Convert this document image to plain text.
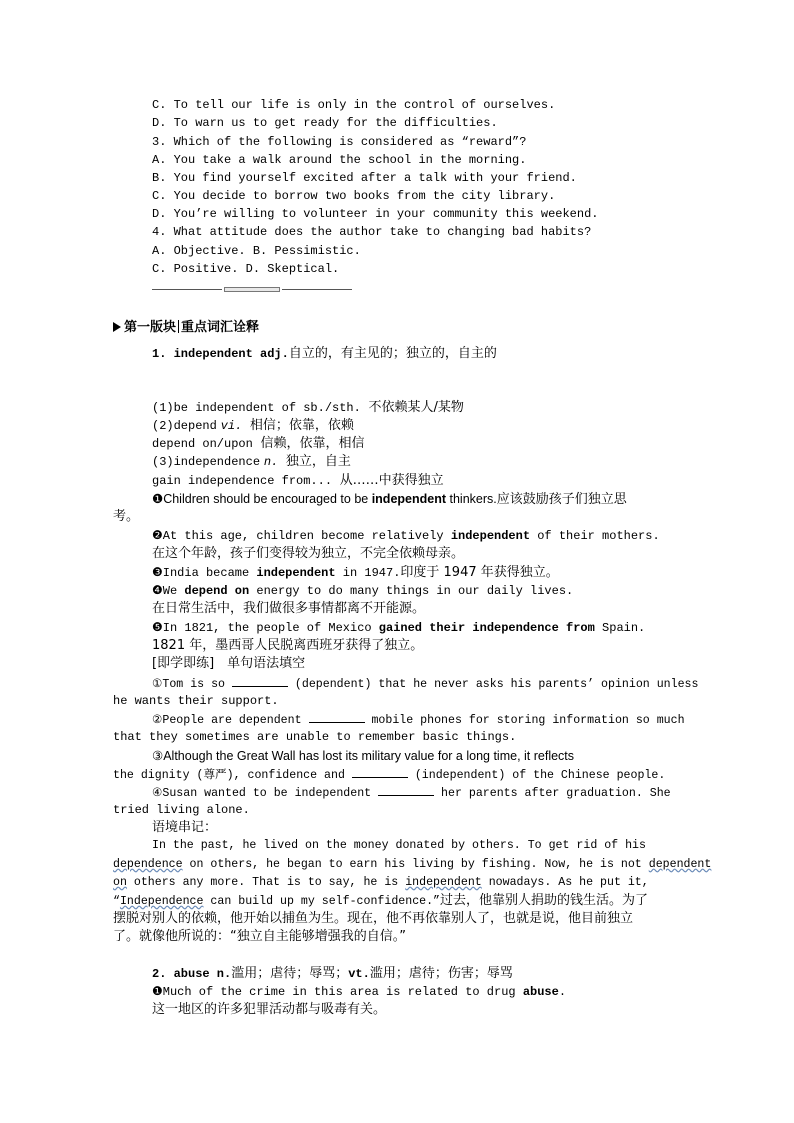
C. To tell our life is only in the control of ourselves.
D. To warn us to get ready for the difficulties.
3. Which of the following is considered as “reward”?
A. You take a walk around the school in the morning.
B. You find yourself excited after a talk with your friend.
C. You decide to borrow two books from the city library.
D. You’re willing to volunteer in your community this weekend.
4. What attitude does the author take to changing bad habits?
A. Objective. B. Pessimistic.
C. Positive. D. Skeptical.
第一版块 重点词汇诠释
1. independent adj.自立的，有主见的；独立的，自主的
(1)be independent of sb./sth. 不依赖某人/某物
(2)depend vi. 相信；依靠，依赖
depend on/upon 信赖，依靠，相信
(3)independence n. 独立，自主
gain independence from... 从……中获得独立
❶Children should be encouraged to be independent thinkers.应该鼓励孩子们独立思
考。
❷At this age, children become relatively independent of their mothers.
在这个年龄，孩子们变得较为独立，不完全依赖母亲。
❸India became independent in 1947.印度于 1947 年获得独立。
❹We depend on energy to do many things in our daily lives.
在日常生活中，我们做很多事情都离不开能源。
❺In 1821, the people of Mexico gained their independence from Spain.
1821 年，墨西哥人民脱离西班牙获得了独立。
[即学即练]　单句语法填空
①Tom is so	(dependent) that he never asks his parents’ opinion unless
he wants their support.
②People are dependent	mobile phones for storing information so much
that they sometimes are unable to remember basic things.
③Although the Great Wall has lost its military value for a long time, it reflects
the dignity (尊严), confidence and	(independent) of the Chinese people.
④Susan wanted to be independent	her parents after graduation. She
tried living alone.
语境串记：
In the past, he lived on the money donated by others. To get rid of his
dependence on others, he began to earn his living by fishing. Now, he is not dependent
on others any more. That is to say, he is independent nowadays. As he put it,
“Independence can build up my self-confidence.”过去，他靠别人捐助的钱生活。为了
摆脱对别人的依赖，他开始以捕鱼为生。现在，他不再依靠别人了，也就是说，他目前独立
了。就像他所说的：“独立自主能够增强我的自信。”
2. abuse n.滥用；虐待；辱骂；vt.滥用；虐待；伤害；辱骂
❶Much of the crime in this area is related to drug abuse.
这一地区的许多犯罪活动都与吸毒有关。
